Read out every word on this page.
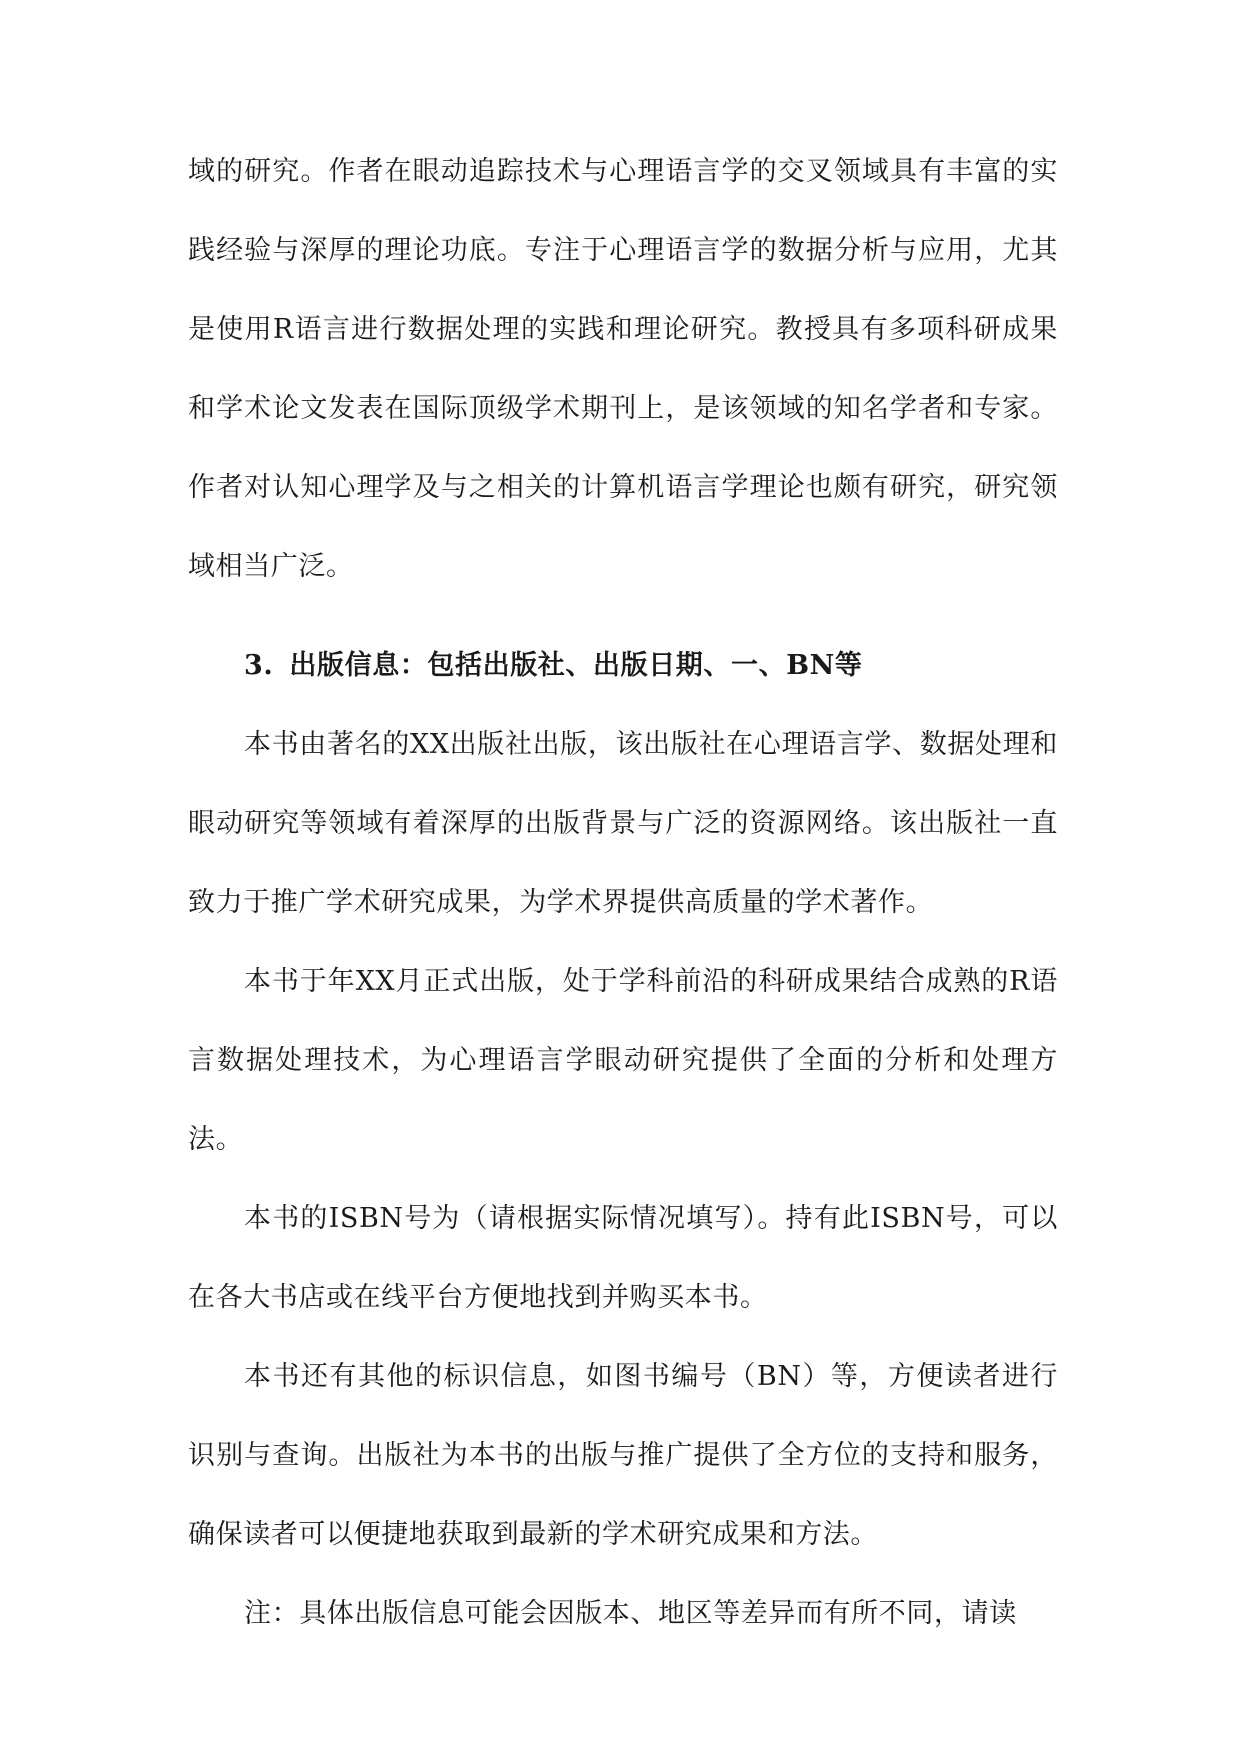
域的研究。作者在眼动追踪技术与心理语言学的交叉领域具有丰富的实践经验与深厚的理论功底。专注于心理语言学的数据分析与应用，尤其是使用R语言进行数据处理的实践和理论研究。教授具有多项科研成果和学术论文发表在国际顶级学术期刊上，是该领域的知名学者和专家。作者对认知心理学及与之相关的计算机语言学理论也颇有研究，研究领域相当广泛。

3. 出版信息：包括出版社、出版日期、一、BN等

本书由著名的XX出版社出版，该出版社在心理语言学、数据处理和眼动研究等领域有着深厚的出版背景与广泛的资源网络。该出版社一直致力于推广学术研究成果，为学术界提供高质量的学术著作。

本书于年XX月正式出版，处于学科前沿的科研成果结合成熟的R语言数据处理技术，为心理语言学眼动研究提供了全面的分析和处理方法。

本书的ISBN号为（请根据实际情况填写）。持有此ISBN号，可以在各大书店或在线平台方便地找到并购买本书。

本书还有其他的标识信息，如图书编号（BN）等，方便读者进行识别与查询。出版社为本书的出版与推广提供了全方位的支持和服务，确保读者可以便捷地获取到最新的学术研究成果和方法。

注：具体出版信息可能会因版本、地区等差异而有所不同，请读
